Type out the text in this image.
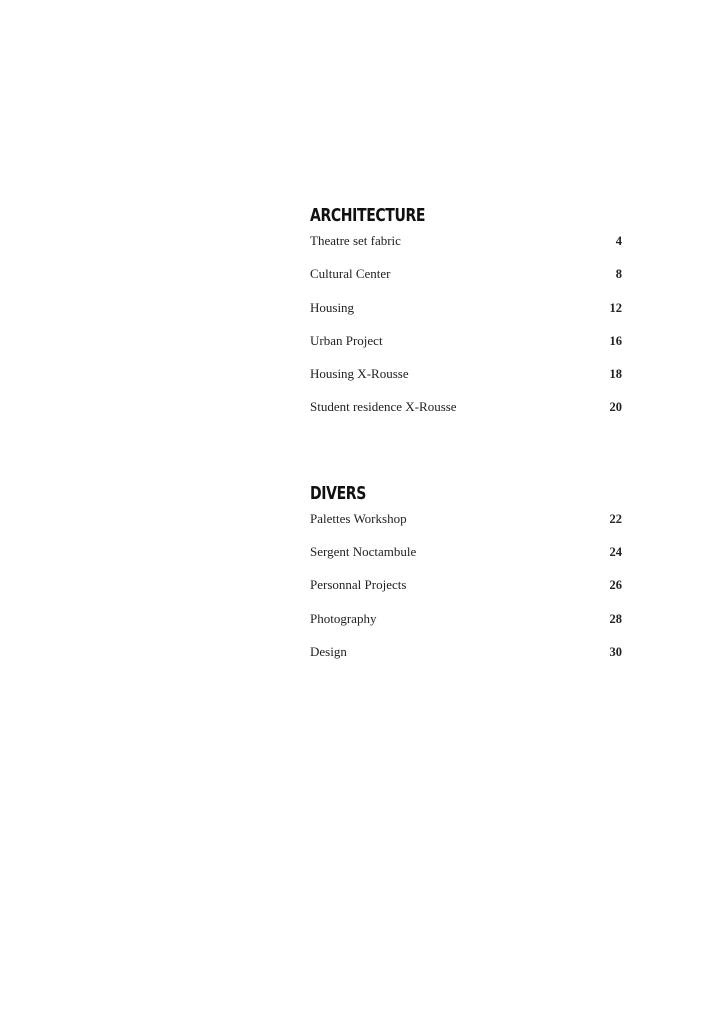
ARCHITECTURE
Theatre set fabric	4
Cultural Center	8
Housing	12
Urban Project	16
Housing X-Rousse	18
Student residence X-Rousse	20
DIVERS
Palettes Workshop	22
Sergent Noctambule	24
Personnal Projects	26
Photography	28
Design	30
